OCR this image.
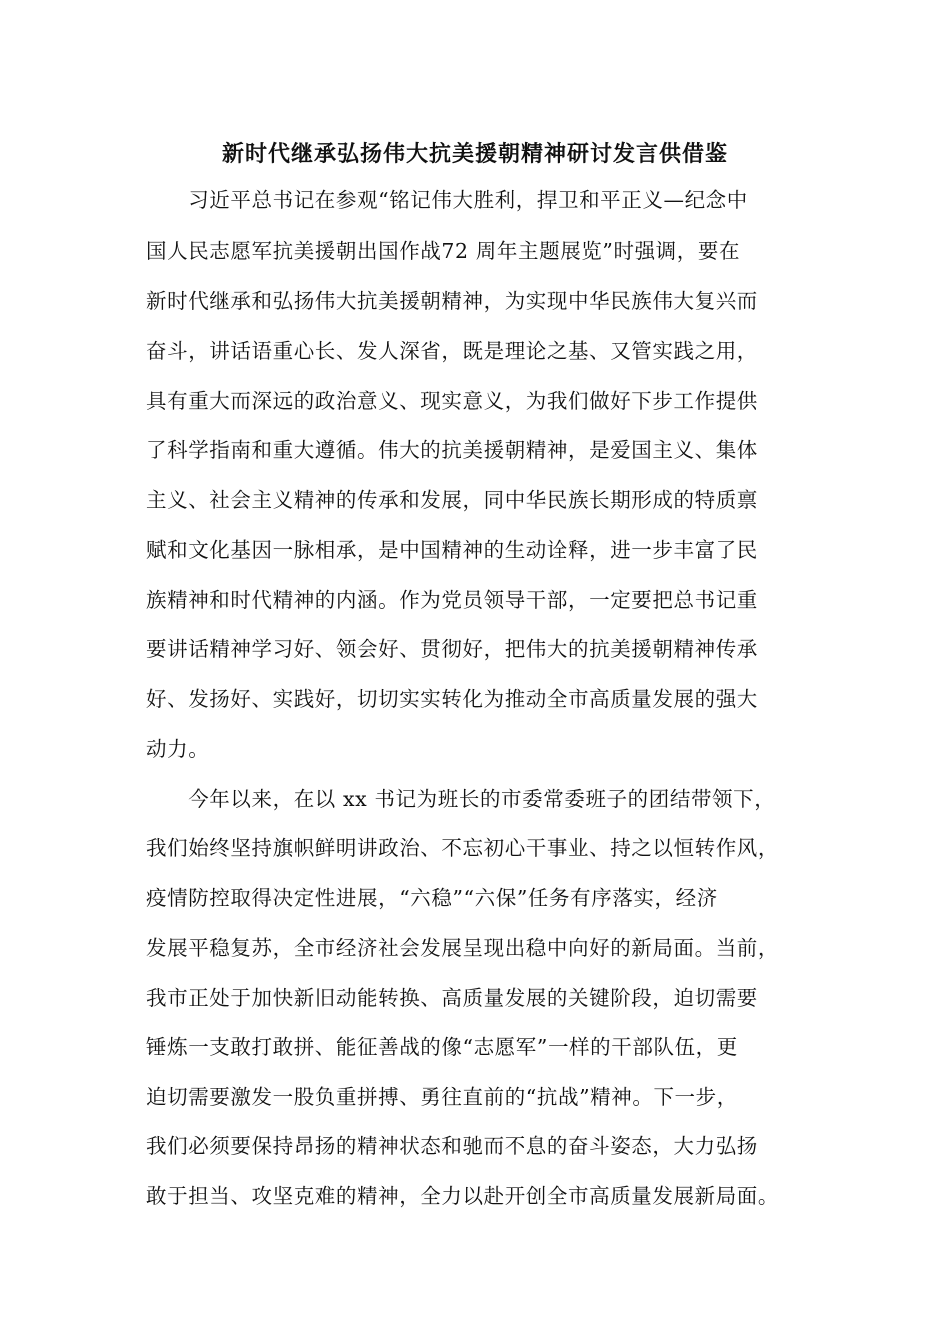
新时代继承弘扬伟大抗美援朝精神研讨发言供借鉴
　　习近平总书记在参观“铭记伟大胜利，捍卫和平正义—纪念中
国人民志愿军抗美援朝出国作战72 周年主题展览”时强调，要在
新时代继承和弘扬伟大抗美援朝精神，为实现中华民族伟大复兴而
奋斗，讲话语重心长、发人深省，既是理论之基、又管实践之用，
具有重大而深远的政治意义、现实意义，为我们做好下步工作提供
了科学指南和重大遵循。伟大的抗美援朝精神，是爱国主义、集体
主义、社会主义精神的传承和发展，同中华民族长期形成的特质禀
赋和文化基因一脉相承，是中国精神的生动诠释，进一步丰富了民
族精神和时代精神的内涵。作为党员领导干部，一定要把总书记重
要讲话精神学习好、领会好、贯彻好，把伟大的抗美援朝精神传承
好、发扬好、实践好，切切实实转化为推动全市高质量发展的强大
动力。
　　今年以来，在以 xx 书记为班长的市委常委班子的团结带领下，
我们始终坚持旗帜鲜明讲政治、不忘初心干事业、持之以恒转作风，
疫情防控取得决定性进展，“六稳”“六保”任务有序落实，经济
发展平稳复苏，全市经济社会发展呈现出稳中向好的新局面。当前，
我市正处于加快新旧动能转换、高质量发展的关键阶段，迫切需要
锤炼一支敢打敢拼、能征善战的像“志愿军”一样的干部队伍，更
迫切需要激发一股负重拼搏、勇往直前的“抗战”精神。下一步，
我们必须要保持昂扬的精神状态和驰而不息的奋斗姿态，大力弘扬
敢于担当、攻坚克难的精神，全力以赴开创全市高质量发展新局面。
